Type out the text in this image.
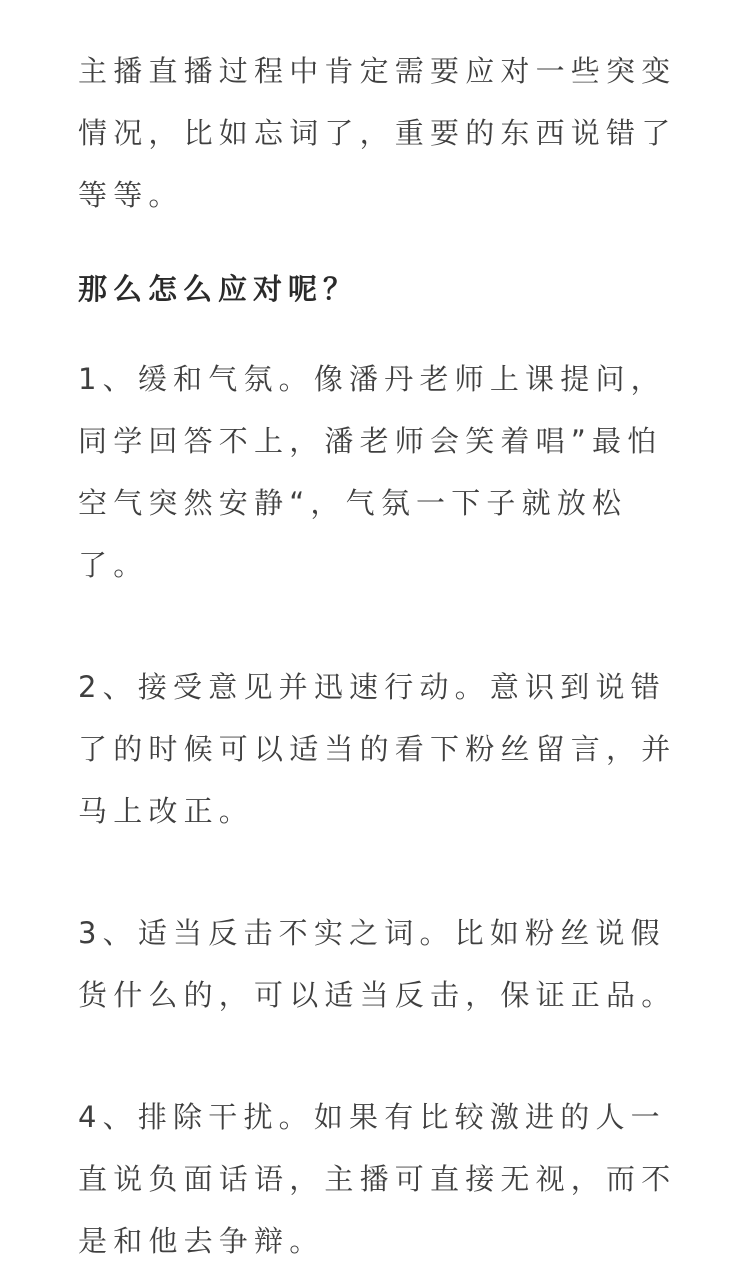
主播直播过程中肯定需要应对一些突变情况，比如忘词了，重要的东西说错了等等。

那么怎么应对呢？

1、缓和气氛。像潘丹老师上课提问，同学回答不上，潘老师会笑着唱”最怕空气突然安静“，气氛一下子就放松了。

2、接受意见并迅速行动。意识到说错了的时候可以适当的看下粉丝留言，并马上改正。

3、适当反击不实之词。比如粉丝说假货什么的，可以适当反击，保证正品。

4、排除干扰。如果有比较激进的人一直说负面话语，主播可直接无视，而不是和他去争辩。
